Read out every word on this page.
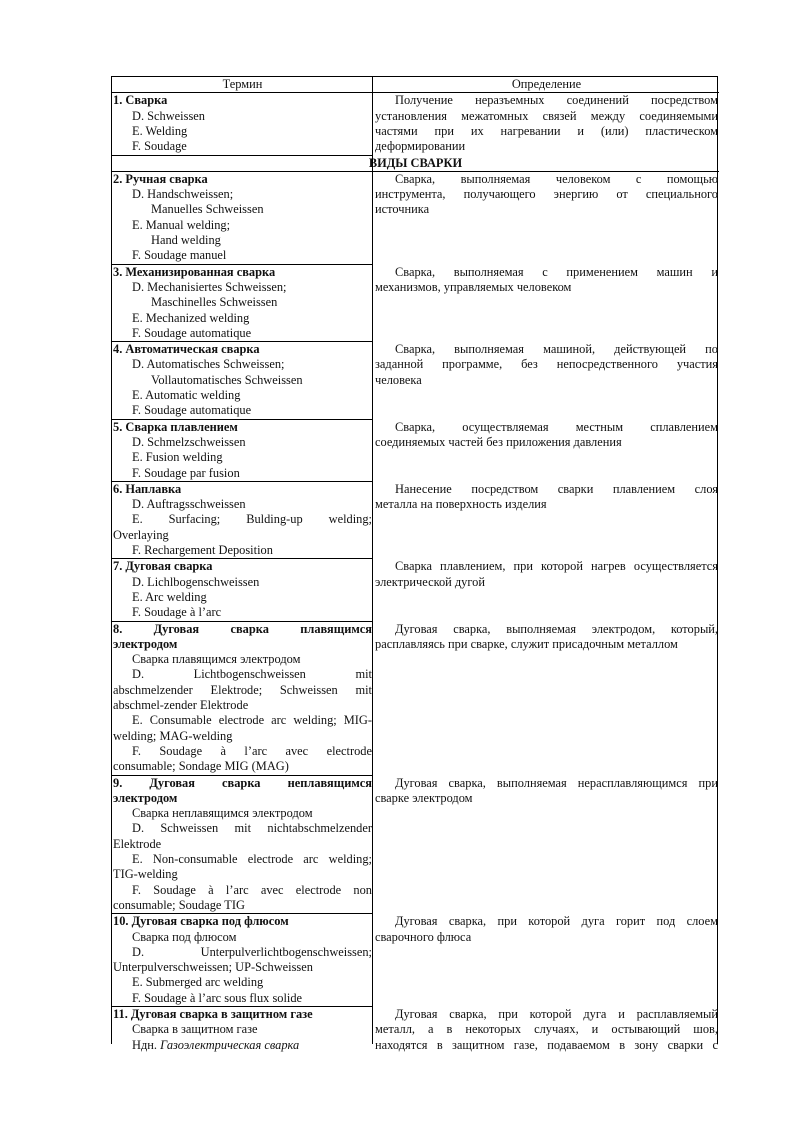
Термин	Определение
1. Сварка
D. Schweissen
E. Welding
F. Soudage
Получение неразъемных соединений посредством
установления межатомных связей между соединяемыми
частями при их нагревании и (или) пластическом
деформировании
ВИДЫ СВАРКИ
2. Ручная сварка
D. Handschweissen;
Manuelles Schweissen
E. Manual welding;
Hand welding
F. Soudage manuel
Сварка, выполняемая человеком с помощью
инструмента, получающего энергию от специального
источника
3. Механизированная сварка
D. Mechanisiertes Schweissen;
Maschinelles Schweissen
E. Mechanized welding
F. Soudage automatique
Сварка, выполняемая с применением машин и
механизмов, управляемых человеком
4. Автоматическая сварка
D. Automatisches Schweissen;
Vollautomatisches Schweissen
E. Automatic welding
F. Soudage automatique
Сварка, выполняемая машиной, действующей по
заданной программе, без непосредственного участия
человека
5. Сварка плавлением
D. Schmelzschweissen
E. Fusion welding
F. Soudage par fusion
Сварка, осуществляемая местным сплавлением
соединяемых частей без приложения давления
6. Наплавка
D. Auftragsschweissen
E. Surfacing; Bulding-up welding;
Overlaying
F. Rechargement Deposition
Нанесение посредством сварки плавлением слоя
металла на поверхность изделия
7. Дуговая сварка
D. Lichlbogenschweissen
E. Arc welding
F. Soudage à l’arc
Сварка плавлением, при которой нагрев осуществляется
электрической дугой
8. Дуговая сварка плавящимся
электродом
Сварка плавящимся электродом
D. Lichtbogenschweissen mit
abschmelzender Elektrode; Schweissen mit
abschmel-zender Elektrode
E. Consumable electrode arc welding; MIG-
welding; MAG-welding
F. Soudage à l’arc avec electrode
consumable; Sondage MIG (MAG)
Дуговая сварка, выполняемая электродом, который,
расплавляясь при сварке, служит присадочным металлом
9. Дуговая сварка неплавящимся
электродом
Сварка неплавящимся электродом
D. Schweissen mit nichtabschmelzender
Elektrode
E. Non-consumable electrode arc welding;
TIG-welding
F. Soudage à l’arc avec electrode non
consumable; Soudage TIG
Дуговая сварка, выполняемая нерасплавляющимся при
сварке электродом
10. Дуговая сварка под флюсом
Сварка под флюсом
D. Unterpulverlichtbogenschweissen;
Unterpulverschweissen; UP-Schweissen
E. Submerged arc welding
F. Soudage à l’arc sous flux solide
Дуговая сварка, при которой дуга горит под слоем
сварочного флюса
11. Дуговая сварка в защитном газе
Сварка в защитном газе
Ндн. Газоэлектрическая сварка
Дуговая сварка, при которой дуга и расплавляемый
металл, а в некоторых случаях, и остывающий шов,
находятся в защитном газе, подаваемом в зону сварки с
